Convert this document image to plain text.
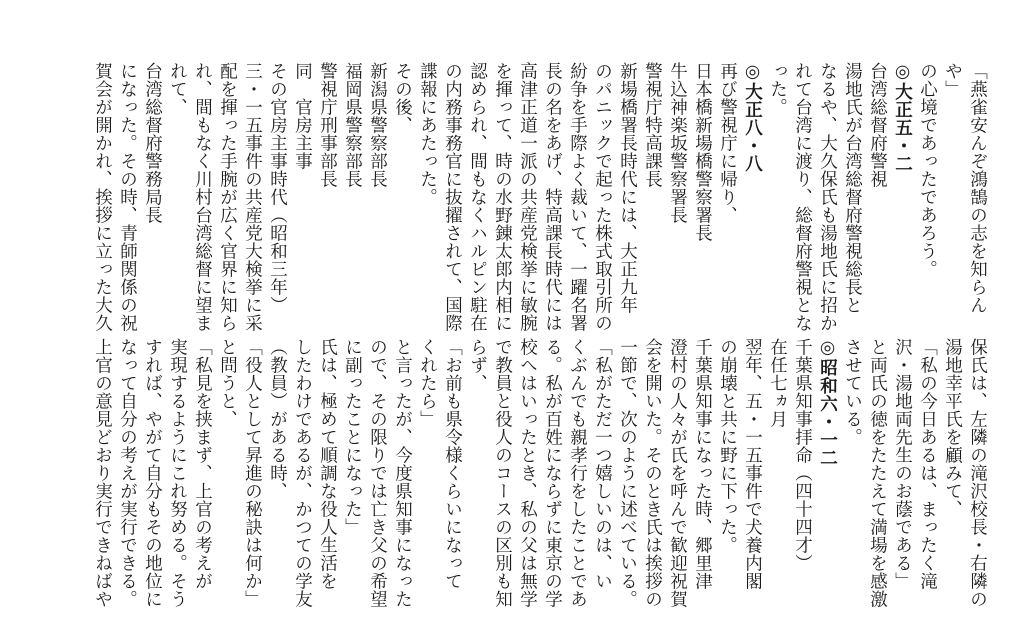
「燕雀安んぞ鴻鵠の志を知らん
や」
の心境であったであろう。
◎大正五・二
台湾総督府警視
湯地氏が台湾総督府警視総長と
なるや、大久保氏も湯地氏に招か
れて台湾に渡り、総督府警視とな
った。
◎大正八・八
再び警視庁に帰り、
日本橋新場橋警察署長
牛込神楽坂警察署長
警視庁特高課長
新場橋署長時代には、大正九年
のパニックで起った株式取引所の
紛争を手際よく裁いて、一躍名署
長の名をあげ、特高課長時代には
高津正道一派の共産党検挙に敏腕
を揮って、時の水野錬太郎内相に
認められ、間もなくハルピン駐在
の内務事務官に抜擢されて、国際
諜報にあたった。
その後、
新潟県警察部長
福岡県警察部長
警視庁刑事部長
同　官房主事
その官房主事時代（昭和三年）
三・一五事件の共産党大検挙に采
配を揮った手腕が広く官界に知ら
れ、間もなく川村台湾総督に望ま
れて、
台湾総督府警務局長
になった。その時、青師関係の祝
賀会が開かれ、挨拶に立った大久
保氏は、左隣の滝沢校長・右隣の
湯地幸平氏を顧みて、
「私の今日あるは、まったく滝
沢・湯地両先生のお蔭である」
と両氏の徳をたたえて満場を感激
させている。
◎昭和六・一二
千葉県知事拝命（四十四才）
在任七ヵ月
翌年、五・一五事件で犬養内閣
の崩壊と共に野に下った。
千葉県知事になった時、郷里津
澄村の人々が氏を呼んで歓迎祝賀
会を開いた。そのとき氏は挨拶の
一節で、次のように述べている。
「私がただ一つ嬉しいのは、い
くぶんでも親孝行をしたことであ
る。私が百姓にならずに東京の学
校へはいったとき、私の父は無学
で教員と役人のコースの区別も知
らず、
「お前も県令様くらいになって
くれたら」
と言ったが、今度県知事になった
ので、その限りでは亡き父の希望
に副ったことになった」
氏は、極めて順調な役人生活を
したわけであるが、かつての学友
（教員）がある時、
「役人として昇進の秘訣は何か」
と問うと、
「私見を挟まず、上官の考えが
実現するようにこれ努める。そう
すれば、やがて自分もその地位に
なって自分の考えが実行できる。
上官の意見どおり実行できねばや
